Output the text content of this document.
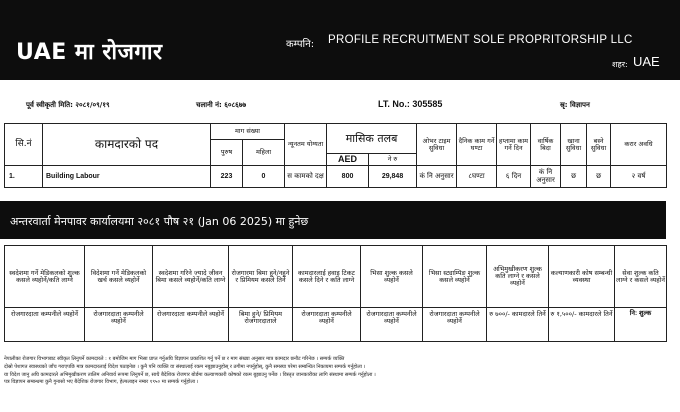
UAE मा रोजगार	कम्पनि: PROFILE RECRUITMENT SOLE PROPRITORSHIP LLC
शहर: UAE
पूर्व स्वीकृती मिति: २०८१/०९/१९	चलानी नं: ६०८६७७	LT. No.: 305585	स्रृ: विज्ञापन
सि.नं	कामदारको पद	माग संख्या		न्यूनतम योग्यता	मासिक तलब		ओभर टाइम सुविधा	दैनिक काम गर्ने घण्टा	हप्तामा काम गर्ने दिन	वार्षिक बिदा	खाना सुविधा	बस्ने सुविधा	करार अवधि
		पुरुष	महिला										
					AED	ने रु							
1.	Building Labour	223	0	स कामको दक्ष	800	29,848	कं नि अनुसार	८घण्टा	६ दिन	कं नि अनुसार	छ	छ	२ वर्ष
अन्तरवार्ता मेनपावर कार्यालयमा २०८१ पौष २१ (Jan 06 2025) मा हुनेछ
स्वदेशमा गर्ने मेडिकलको शुल्क कसले व्यहोर्ने/कति लाग्ने	विदेशमा गर्ने मेडिकलको खर्च कसले व्यहोर्ने	स्वदेशमा गरिने ज्यादे जीवन बिमा कसले व्यहोर्ने/कति लाग्ने	रोजगारमा बिमा हुने/नहुने र प्रिमियम कसले तिर्ने	कामदारलाई हवाइ टिकट कसले दिने र कति लाग्ने	भिसा शुल्क कसले व्यहोर्ने	भिसा स्ट्याम्पिङ शुल्क कसले व्यहोर्ने	अभिमुखीकरण शुल्क कति लाग्ने र कसले व्यहोर्ने	कल्याणकारी कोष सम्बन्धी व्यवस्था	सेवा शुल्क कति लाग्ने र कसले व्यहोर्ने
रोजगारदाता कम्पनीले व्यहोर्ने	रोजगारदाता कम्पनीले व्यहोर्ने	रोजगारदाता कम्पनीले व्यहोर्ने	बिमा हुने/ प्रिमियम रोजगारदाताले	रोजगारदाता कम्पनीले व्यहोर्ने	रोजगारदाता कम्पनीले व्यहोर्ने	रोजगारदाता कम्पनीले व्यहोर्ने	रु ७००/- कामदारले तिर्ने	रु १,५००/- कामदारले तिर्ने	नि: शुल्क
नेपालीका रोजगार विभागबाट स्वीकृत लिनुपर्ने कामदारले : १ बमोजिम माग भिसा प्राप्त गर्नुअघि विज्ञापन प्रकाशित गर्नु पर्ने छ र माग संख्या अनुसार मात्र कामदार छनौट गरिनेछ । सम्पर्क व्यक्ति
दोस्रो पेशागत स्वास्थ्यको जाँच गराएपछि मात्र कामदारलाई विदेश पठाइनेछ । कुनै पनि व्यक्ति वा संस्थालाई रकम नबुझाउनुहोस् र ठगीमा नपर्नुहोस्, कुनै समस्या परेमा सम्बन्धित निकायमा सम्पर्क गर्नुहोला ।
या विदेश जानु अघि कामदारले अभिमुखीकरण तालिम अनिवार्य रूपमा लिनुपर्ने छ, साथै बैदेशिक रोजगार बोर्डमा कल्याणकारी कोषको रकम बुझाउनु पर्नेछ । विस्तृत जानकारीका लागि संस्थामा सम्पर्क गर्नुहोला ।
पत्र विज्ञापन सम्बन्धमा कुनै गुनासो भए बैदेशिक रोजगार विभाग, हेल्पलाइन नम्बर १९५० मा सम्पर्क गर्नुहोला ।
